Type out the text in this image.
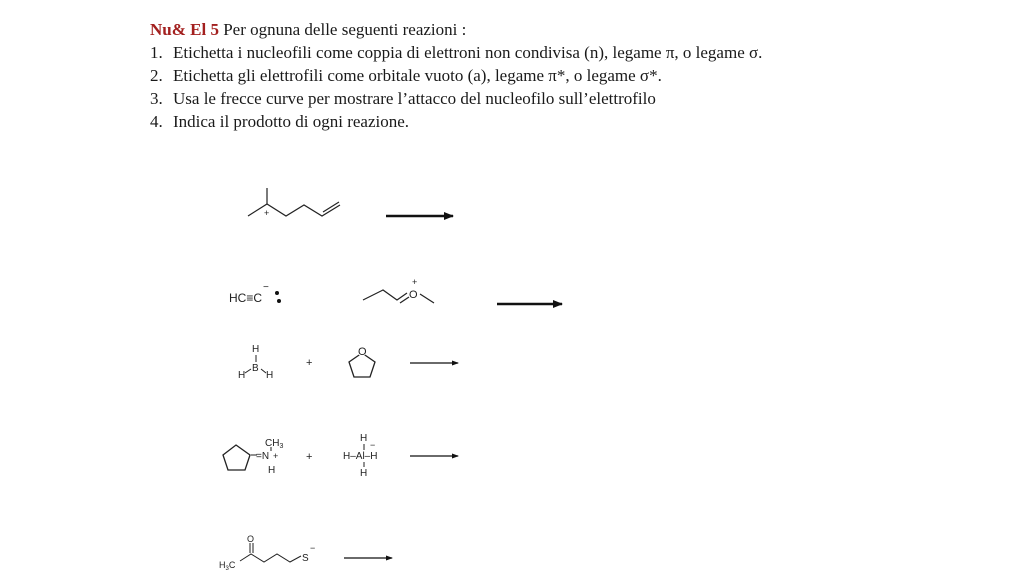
Nu& El 5 Per ognuna delle seguenti reazioni :
1. Etichetta i nucleofili come coppia di elettroni non condivisa (n), legame π, o legame σ.
2. Etichetta gli elettrofili come orbitale vuoto (a), legame π*, o legame σ*.
3. Usa le frecce curve per mostrare l’attacco del nucleofilo sull’elettrofilo
4. Indica il prodotto di ogni reazione.
+
HC≡C
−
O
+
H
B
H H
+
O
=N +
$CH_3$
H
+
H
H–Al–H
−
H
$H_3C$
O
S
−
